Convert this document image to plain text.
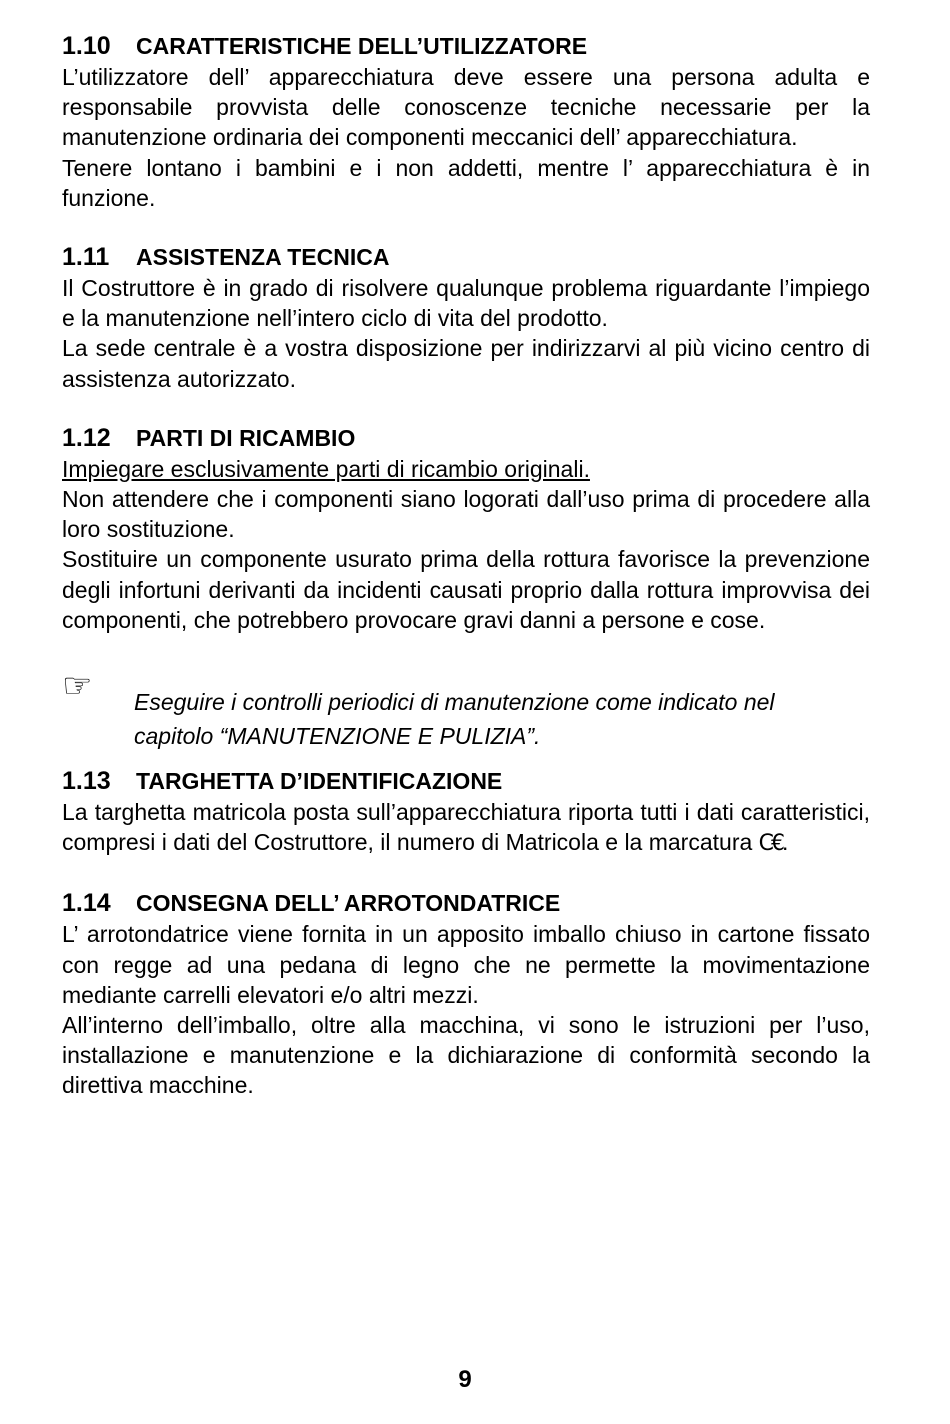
1.10 CARATTERISTICHE DELL’UTILIZZATORE

L’utilizzatore dell’ apparecchiatura deve essere una persona adulta e responsabile provvista delle conoscenze tecniche necessarie per la manutenzione ordinaria dei componenti meccanici dell’ apparecchiatura.

Tenere lontano i bambini e i non addetti, mentre l’ apparecchiatura è in funzione.

1.11 ASSISTENZA TECNICA

Il Costruttore è in grado di risolvere qualunque problema riguardante l’impiego e la manutenzione nell’intero ciclo di vita del prodotto.

La sede centrale è a vostra disposizione per indirizzarvi al più vicino centro di assistenza autorizzato.

1.12 PARTI DI RICAMBIO

Impiegare esclusivamente parti di ricambio originali.

Non attendere che i componenti siano logorati dall’uso prima di procedere alla loro sostituzione.

Sostituire un componente usurato prima della rottura favorisce la prevenzione degli infortuni derivanti da incidenti causati proprio dalla rottura improvvisa dei componenti, che potrebbero provocare gravi danni a persone e cose.

☞ Eseguire i controlli periodici di manutenzione come indicato nel
capitolo “MANUTENZIONE E PULIZIA”.
1.13 TARGHETTA D’IDENTIFICAZIONE

La targhetta matricola posta sull’apparecchiatura riporta tutti i dati caratteristici, compresi i dati del Costruttore, il numero di Matricola e la marcatura C€.

1.14 CONSEGNA DELL’ ARROTONDATRICE

L’ arrotondatrice viene fornita in un apposito imballo chiuso in cartone fissato con regge ad una pedana di legno che ne permette la movimentazione mediante carrelli elevatori e/o altri mezzi.

All’interno dell’imballo, oltre alla macchina, vi sono le istruzioni per l’uso, installazione e manutenzione e la dichiarazione di conformità secondo la direttiva macchine.

9
